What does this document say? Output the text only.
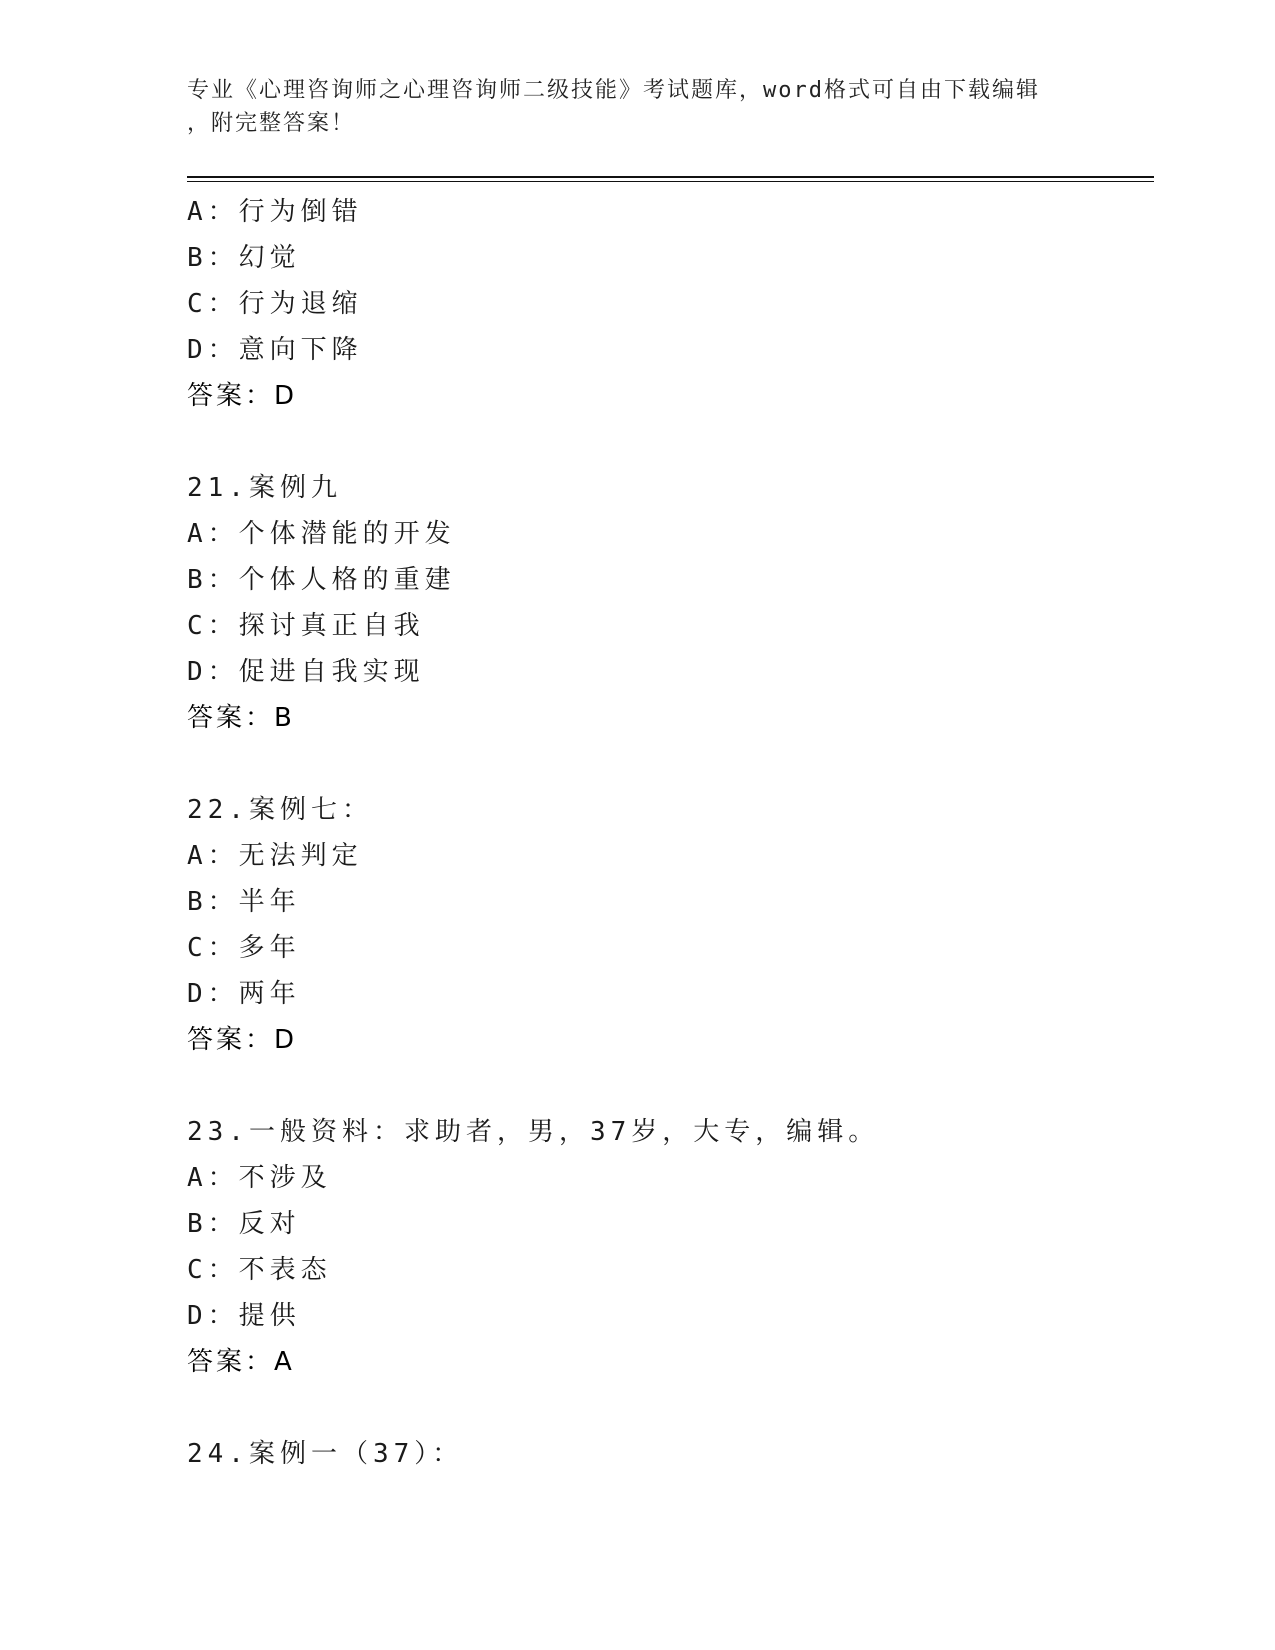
专业《心理咨询师之心理咨询师二级技能》考试题库，word格式可自由下载编辑
，附完整答案！
A：行为倒错
B：幻觉
C：行为退缩
D：意向下降
答案：D
21.案例九
A：个体潜能的开发
B：个体人格的重建
C：探讨真正自我
D：促进自我实现
答案：B
22.案例七：
A：无法判定
B：半年
C：多年
D：两年
答案：D
23.一般资料：求助者，男，37岁，大专，编辑。
A：不涉及
B：反对
C：不表态
D：提供
答案：A
24.案例一（37）：
